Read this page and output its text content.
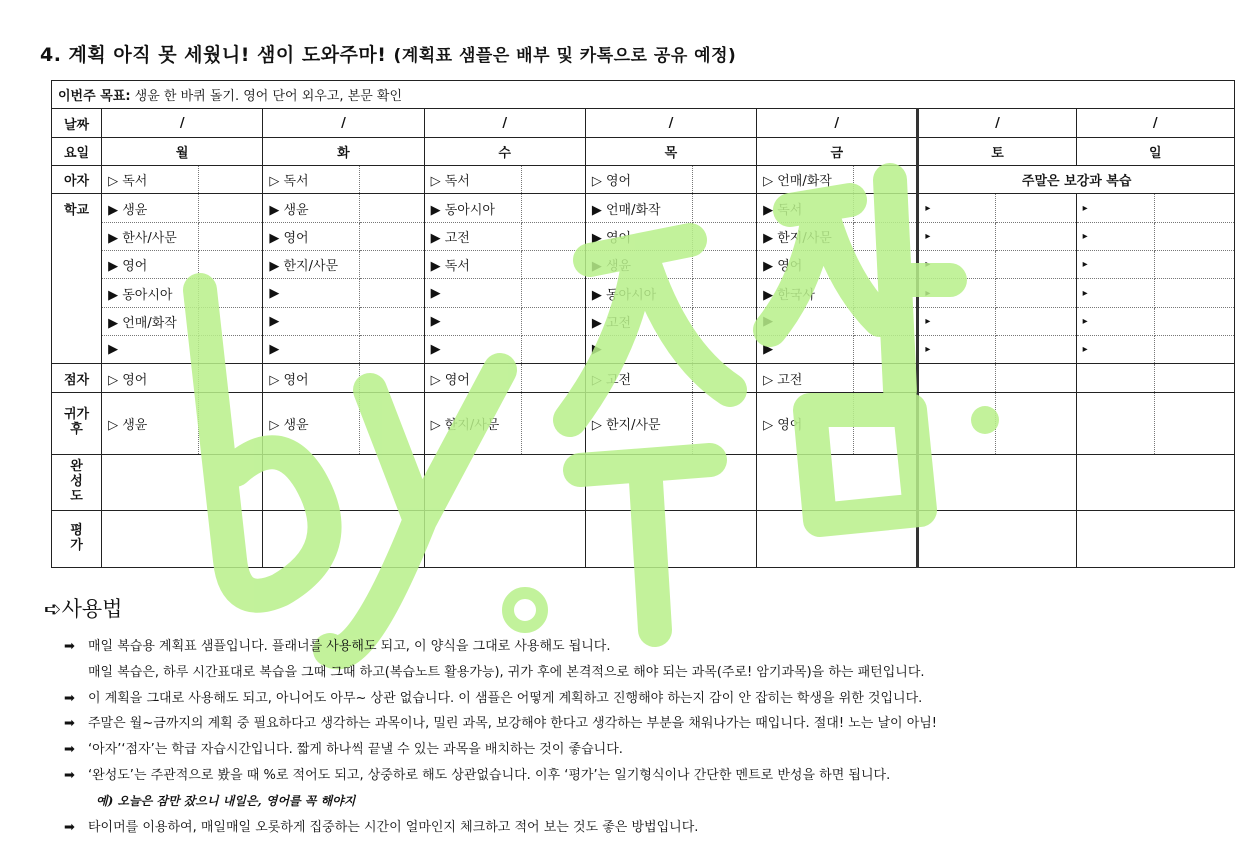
4. 계획 아직 못 세웠니! 샘이 도와주마! (계획표 샘플은 배부 및 카톡으로 공유 예정)
이번주 목표: 생윤 한 바퀴 돌기. 영어 단어 외우고, 본문 확인														
날짜	/		/		/		/		/		/		/	
요일	월		화		수		목		금		토		일	
아자	▷ 독서		▷ 독서		▷ 독서		▷ 영어		▷ 언매/화작		주말은 보강과 복습			
학교	▶ 생윤		▶ 생윤		▶ 동아시아		▶ 언매/화작		▶ 독서		▸		▸	
	▶ 한사/사문		▶ 영어		▶ 고전		▶ 영어		▶ 한지/사문		▸		▸	
	▶ 영어		▶ 한지/사문		▶ 독서		▶ 생윤		▶ 영어		▸		▸	
	▶ 동아시아		▶		▶		▶ 동아시아		▶ 한국사		▸		▸	
	▶ 언매/화작		▶		▶		▶ 고전		▶		▸		▸	
	▶		▶		▶		▶		▶		▸		▸	
점자	▷ 영어		▷ 영어		▷ 영어		▷ 고전		▷ 고전					

귀가
후	▷ 생윤		▷ 생윤		▷ 한지/사문		▷ 한지/사문		▷ 영어					

완
성
도														

평
가														

➪사용법
➡	매일 복습용 계획표 샘플입니다. 플래너를 사용해도 되고, 이 양식을 그대로 사용해도 됩니다.
매일 복습은, 하루 시간표대로 복습을 그때 그때 하고(복습노트 활용가능), 귀가 후에 본격적으로 해야 되는 과목(주로! 암기과목)을 하는 패턴입니다.
➡	이 계획을 그대로 사용해도 되고, 아니어도 아무~ 상관 없습니다. 이 샘플은 어떻게 계획하고 진행해야 하는지 감이 안 잡히는 학생을 위한 것입니다.
➡	주말은 월~금까지의 계획 중 필요하다고 생각하는 과목이나, 밀린 과목, 보강해야 한다고 생각하는 부분을 채워나가는 때입니다. 절대! 노는 날이 아님!
➡	‘아자’‘점자’는 학급 자습시간입니다. 짧게 하나씩 끝낼 수 있는 과목을 배치하는 것이 좋습니다.
➡	‘완성도’는 주관적으로 봤을 때 %로 적어도 되고, 상중하로 해도 상관없습니다. 이후 ‘평가’는 일기형식이나 간단한 멘트로 반성을 하면 됩니다.
예) 오늘은 잠만 잤으니 내일은, 영어를 꼭 해야지
➡	타이머를 이용하여, 매일매일 오롯하게 집중하는 시간이 얼마인지 체크하고 적어 보는 것도 좋은 방법입니다.
